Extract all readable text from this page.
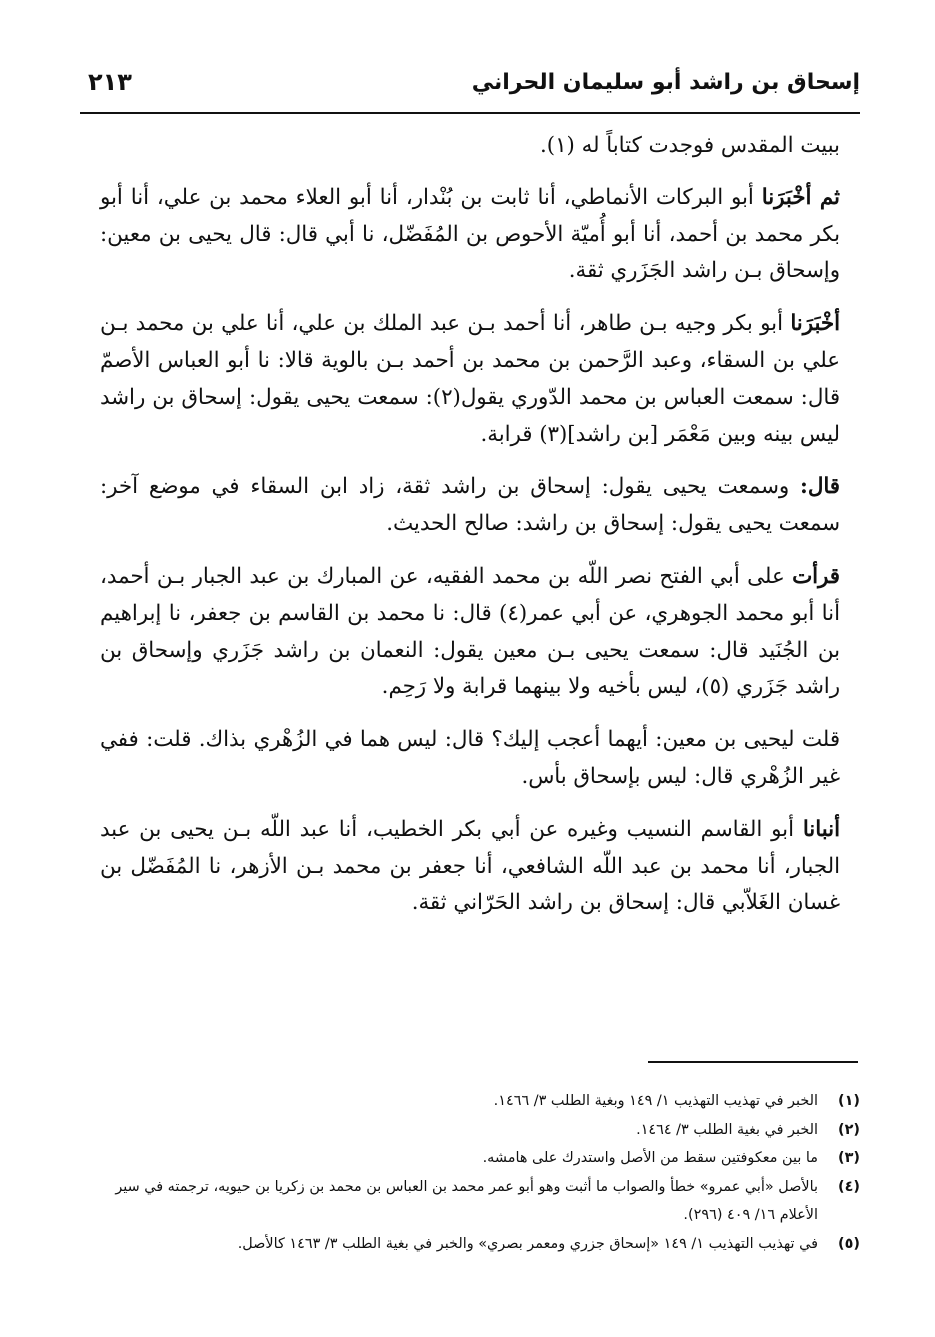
إسحاق بن راشد أبو سليمان الحراني
٢١٣

ببيت المقدس فوجدت كتاباً له (١).

ثم أخْبَرَنا أبو البركات الأنماطي، أنا ثابت بن بُنْدار، أنا أبو العلاء محمد بن علي، أنا أبو بكر محمد بن أحمد، أنا أبو أُميّة الأحوص بن المُفَضّل، نا أبي قال: قال يحيى بن معين: وإسحاق بـن راشد الجَزَري ثقة.

أخْبَرَنا أبو بكر وجيه بـن طاهر، أنا أحمد بـن عبد الملك بن علي، أنا علي بن محمد بـن علي بن السقاء، وعبد الرَّحمن بن محمد بن أحمد بـن بالوية قالا: نا أبو العباس الأصمّ قال: سمعت العباس بن محمد الدّوري يقول(٢): سمعت يحيى يقول: إسحاق بن راشد ليس بينه وبين مَعْمَر [بن راشد](٣) قرابة.

قال: وسمعت يحيى يقول: إسحاق بن راشد ثقة، زاد ابن السقاء في موضع آخر: سمعت يحيى يقول: إسحاق بن راشد: صالح الحديث.

قرأت على أبي الفتح نصر اللّه بن محمد الفقيه، عن المبارك بن عبد الجبار بـن أحمد، أنا أبو محمد الجوهري، عن أبي عمر(٤) قال: نا محمد بن القاسم بن جعفر، نا إبراهيم بن الجُنَيد قال: سمعت يحيى بـن معين يقول: النعمان بن راشد جَزَري وإسحاق بن راشد جَزَري (٥)، ليس بأخيه ولا بينهما قرابة ولا رَحِم.

قلت ليحيى بن معين: أيهما أعجب إليك؟ قال: ليس هما في الزُهْري بذاك. قلت: ففي غير الزُهْري قال: ليس بإسحاق بأس.

أنبانا أبو القاسم النسيب وغيره عن أبي بكر الخطيب، أنا عبد اللّه بـن يحيى بن عبد الجبار، أنا محمد بن عبد اللّه الشافعي، أنا جعفر بن محمد بـن الأزهر، نا المُفَضّل بن غسان الغَلاّبي قال: إسحاق بن راشد الحَرّاني ثقة.

(١)
الخبر في تهذيب التهذيب ١/ ١٤٩ وبغية الطلب ٣/ ١٤٦٦.
(٢)
الخبر في بغية الطلب ٣/ ١٤٦٤.
(٣)
ما بين معكوفتين سقط من الأصل واستدرك على هامشه.
(٤)
بالأصل «أبي عمرو» خطأ والصواب ما أثبت وهو أبو عمر محمد بن العباس بن محمد بن زكريا بن حيويه، ترجمته في سير الأعلام ١٦/ ٤٠٩ (٢٩٦).
(٥)
في تهذيب التهذيب ١/ ١٤٩ «إسحاق جزري ومعمر بصري» والخبر في بغية الطلب ٣/ ١٤٦٣ كالأصل.
